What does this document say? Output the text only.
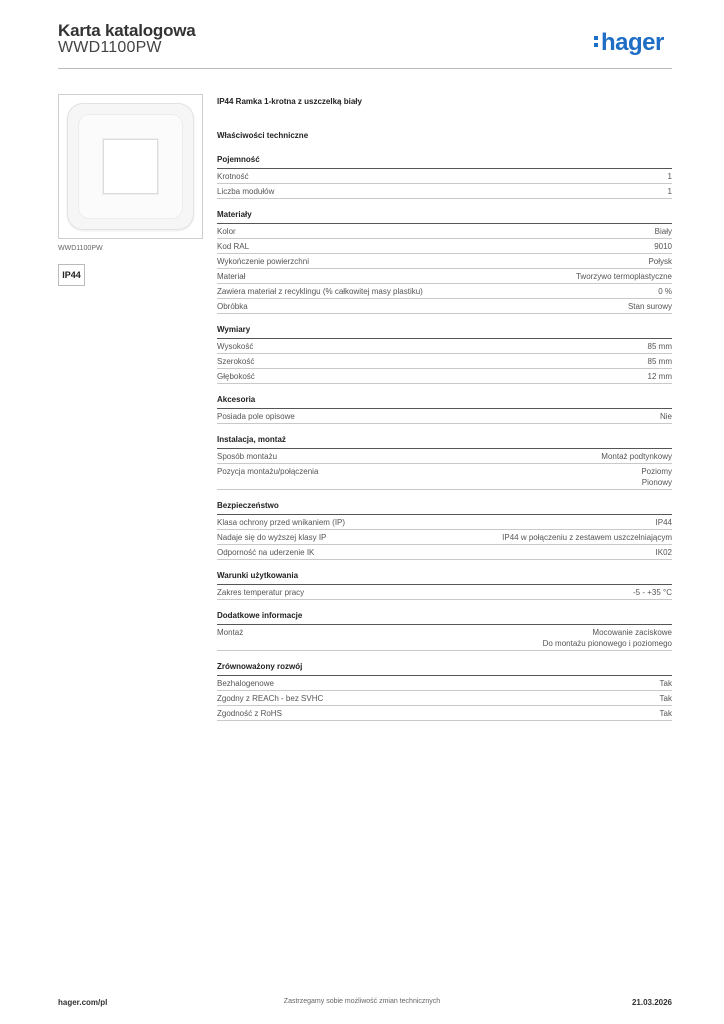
Karta katalogowa
WWD1100PW	hager
WWD1100PW
IP44
IP44 Ramka 1-krotna z uszczelką biały
Właściwości techniczne
Pojemność
Krotność	1
Liczba modułów	1
Materiały
Kolor	Biały
Kod RAL	9010
Wykończenie powierzchni	Połysk
Materiał	Tworzywo termoplastyczne
Zawiera materiał z recyklingu (% całkowitej masy plastiku)	0 %
Obróbka	Stan surowy
Wymiary
Wysokość	85 mm
Szerokość	85 mm
Głębokość	12 mm
Akcesoria
Posiada pole opisowe	Nie
Instalacja, montaż
Sposób montażu	Montaż podtynkowy
Pozycja montażu/połączenia	Poziomy
Pionowy
Bezpieczeństwo
Klasa ochrony przed wnikaniem (IP)	IP44
Nadaje się do wyższej klasy IP	IP44 w połączeniu z zestawem uszczelniającym
Odporność na uderzenie IK	IK02
Warunki użytkowania
Zakres temperatur pracy	-5 - +35 °C
Dodatkowe informacje
Montaż	Mocowanie zaciskowe
Do montażu pionowego i poziomego
Zrównoważony rozwój
Bezhalogenowe	Tak
Zgodny z REACh - bez SVHC	Tak
Zgodność z RoHS	Tak
hager.com/pl	Zastrzegamy sobie możliwość zmian technicznych	21.03.2026
